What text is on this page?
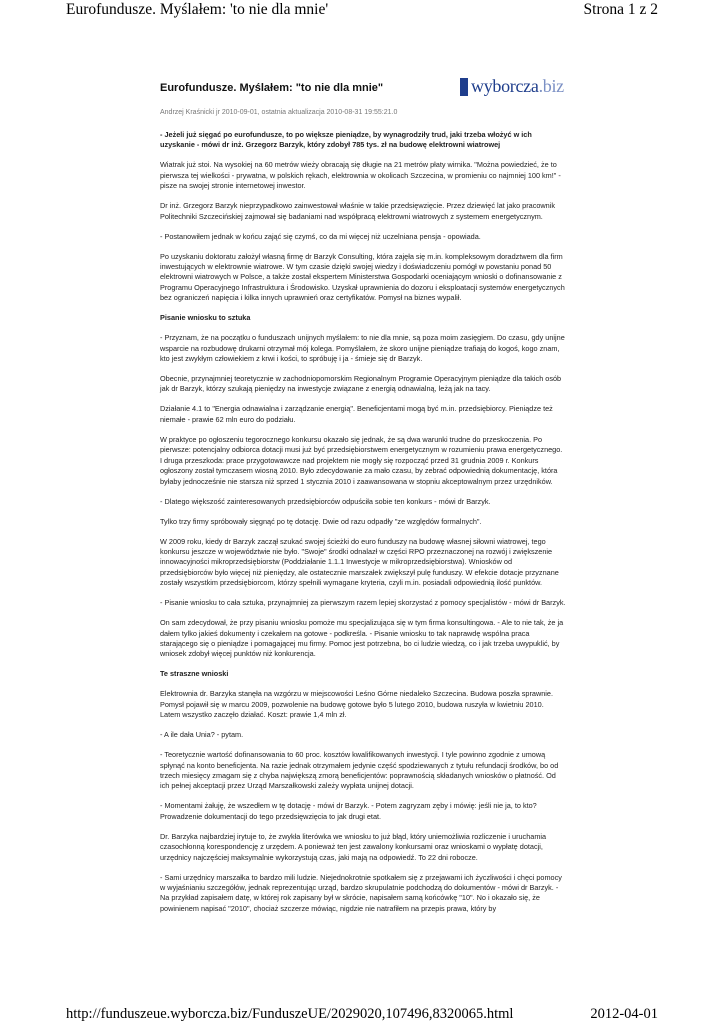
Eurofundusze. Myślałem: 'to nie dla mnie'	Strona 1 z 2
Eurofundusze. Myślałem: "to nie dla mnie"	wyborcza.biz
Andrzej Kraśnicki jr 2010-09-01, ostatnia aktualizacja 2010-08-31 19:55:21.0

- Jeżeli już sięgać po eurofundusze, to po większe pieniądze, by wynagrodziły trud, jaki trzeba włożyć w ich uzyskanie - mówi dr inż. Grzegorz Barzyk, który zdobył 785 tys. zł na budowę elektrowni wiatrowej

Wiatrak już stoi. Na wysokiej na 60 metrów wieży obracają się długie na 21 metrów płaty wirnika. "Można powiedzieć, że to pierwsza tej wielkości - prywatna, w polskich rękach, elektrownia w okolicach Szczecina, w promieniu co najmniej 100 km!" - pisze na swojej stronie internetowej inwestor.

Dr inż. Grzegorz Barzyk nieprzypadkowo zainwestował właśnie w takie przedsięwzięcie. Przez dziewięć lat jako pracownik Politechniki Szczecińskiej zajmował się badaniami nad współpracą elektrowni wiatrowych z systemem energetycznym.

- Postanowiłem jednak w końcu zająć się czymś, co da mi więcej niż uczelniana pensja - opowiada.

Po uzyskaniu doktoratu założył własną firmę dr Barzyk Consulting, która zajęła się m.in. kompleksowym doradztwem dla firm inwestujących w elektrownie wiatrowe. W tym czasie dzięki swojej wiedzy i doświadczeniu pomógł w powstaniu ponad 50 elektrowni wiatrowych w Polsce, a także został ekspertem Ministerstwa Gospodarki oceniającym wnioski o dofinansowanie z Programu Operacyjnego Infrastruktura i Środowisko. Uzyskał uprawnienia do dozoru i eksploatacji systemów energetycznych bez ograniczeń napięcia i kilka innych uprawnień oraz certyfikatów. Pomysł na biznes wypalił.

Pisanie wniosku to sztuka

- Przyznam, że na początku o funduszach unijnych myślałem: to nie dla mnie, są poza moim zasięgiem. Do czasu, gdy unijne wsparcie na rozbudowę drukarni otrzymał mój kolega. Pomyślałem, że skoro unijne pieniądze trafiają do kogoś, kogo znam, kto jest zwykłym człowiekiem z krwi i kości, to spróbuję i ja - śmieje się dr Barzyk.

Obecnie, przynajmniej teoretycznie w zachodniopomorskim Regionalnym Programie Operacyjnym pieniądze dla takich osób jak dr Barzyk, którzy szukają pieniędzy na inwestycje związane z energią odnawialną, leżą jak na tacy.

Działanie 4.1 to "Energia odnawialna i zarządzanie energią". Beneficjentami mogą być m.in. przedsiębiorcy. Pieniądze też niemałe - prawie 62 mln euro do podziału.

W praktyce po ogłoszeniu tegorocznego konkursu okazało się jednak, że są dwa warunki trudne do przeskoczenia. Po pierwsze: potencjalny odbiorca dotacji musi już być przedsiębiorstwem energetycznym w rozumieniu prawa energetycznego. I druga przeszkoda: prace przygotowawcze nad projektem nie mogły się rozpocząć przed 31 grudnia 2009 r. Konkurs ogłoszony został tymczasem wiosną 2010. Było zdecydowanie za mało czasu, by zebrać odpowiednią dokumentację, która byłaby jednocześnie nie starsza niż sprzed 1 stycznia 2010 i zaawansowana w stopniu akceptowalnym przez urzędników.

- Dlatego większość zainteresowanych przedsiębiorców odpuściła sobie ten konkurs - mówi dr Barzyk.

Tylko trzy firmy spróbowały sięgnąć po tę dotację. Dwie od razu odpadły "ze względów formalnych".

W 2009 roku, kiedy dr Barzyk zaczął szukać swojej ścieżki do euro funduszy na budowę własnej siłowni wiatrowej, tego konkursu jeszcze w województwie nie było. "Swoje" środki odnalazł w części RPO przeznaczonej na rozwój i zwiększenie innowacyjności mikroprzedsiębiorstw (Poddziałanie 1.1.1 Inwestycje w mikroprzedsiębiorstwa). Wniosków od przedsiębiorców było więcej niż pieniędzy, ale ostatecznie marszałek zwiększył pulę funduszy. W efekcie dotacje przyznane zostały wszystkim przedsiębiorcom, którzy spełnili wymagane kryteria, czyli m.in. posiadali odpowiednią ilość punktów.

- Pisanie wniosku to cała sztuka, przynajmniej za pierwszym razem lepiej skorzystać z pomocy specjalistów - mówi dr Barzyk.

On sam zdecydował, że przy pisaniu wniosku pomoże mu specjalizująca się w tym firma konsultingowa. - Ale to nie tak, że ja dałem tylko jakieś dokumenty i czekałem na gotowe - podkreśla. - Pisanie wniosku to tak naprawdę wspólna praca starającego się o pieniądze i pomagającej mu firmy. Pomoc jest potrzebna, bo ci ludzie wiedzą, co i jak trzeba uwypuklić, by wniosek zdobył więcej punktów niż konkurencja.

Te straszne wnioski

Elektrownia dr. Barzyka stanęła na wzgórzu w miejscowości Leśno Górne niedaleko Szczecina. Budowa poszła sprawnie. Pomysł pojawił się w marcu 2009, pozwolenie na budowę gotowe było 5 lutego 2010, budowa ruszyła w kwietniu 2010. Latem wszystko zaczęło działać. Koszt: prawie 1,4 mln zł.

- A ile dała Unia? - pytam.

- Teoretycznie wartość dofinansowania to 60 proc. kosztów kwalifikowanych inwestycji. I tyle powinno zgodnie z umową spłynąć na konto beneficjenta. Na razie jednak otrzymałem jedynie część spodziewanych z tytułu refundacji środków, bo od trzech miesięcy zmagam się z chyba największą zmorą beneficjentów: poprawnością składanych wniosków o płatność. Od ich pełnej akceptacji przez Urząd Marszałkowski zależy wypłata unijnej dotacji.

- Momentami żałuję, że wszedłem w tę dotację - mówi dr Barzyk. - Potem zagryzam zęby i mówię: jeśli nie ja, to kto? Prowadzenie dokumentacji do tego przedsięwzięcia to jak drugi etat.

Dr. Barzyka najbardziej irytuje to, że zwykła literówka we wniosku to już błąd, który uniemożliwia rozliczenie i uruchamia czasochłonną korespondencję z urzędem. A ponieważ ten jest zawalony konkursami oraz wnioskami o wypłatę dotacji, urzędnicy najczęściej maksymalnie wykorzystują czas, jaki mają na odpowiedź. To 22 dni robocze.

- Sami urzędnicy marszałka to bardzo mili ludzie. Niejednokrotnie spotkałem się z przejawami ich życzliwości i chęci pomocy w wyjaśnianiu szczegółów, jednak reprezentując urząd, bardzo skrupulatnie podchodzą do dokumentów - mówi dr Barzyk. - Na przykład zapisałem datę, w której rok zapisany był w skrócie, napisałem samą końcówkę "10". No i okazało się, że powinienem napisać "2010", chociaż szczerze mówiąc, nigdzie nie natrafiłem na przepis prawa, który by

http://funduszeue.wyborcza.biz/FunduszeUE/2029020,107496,8320065.html	2012-04-01
